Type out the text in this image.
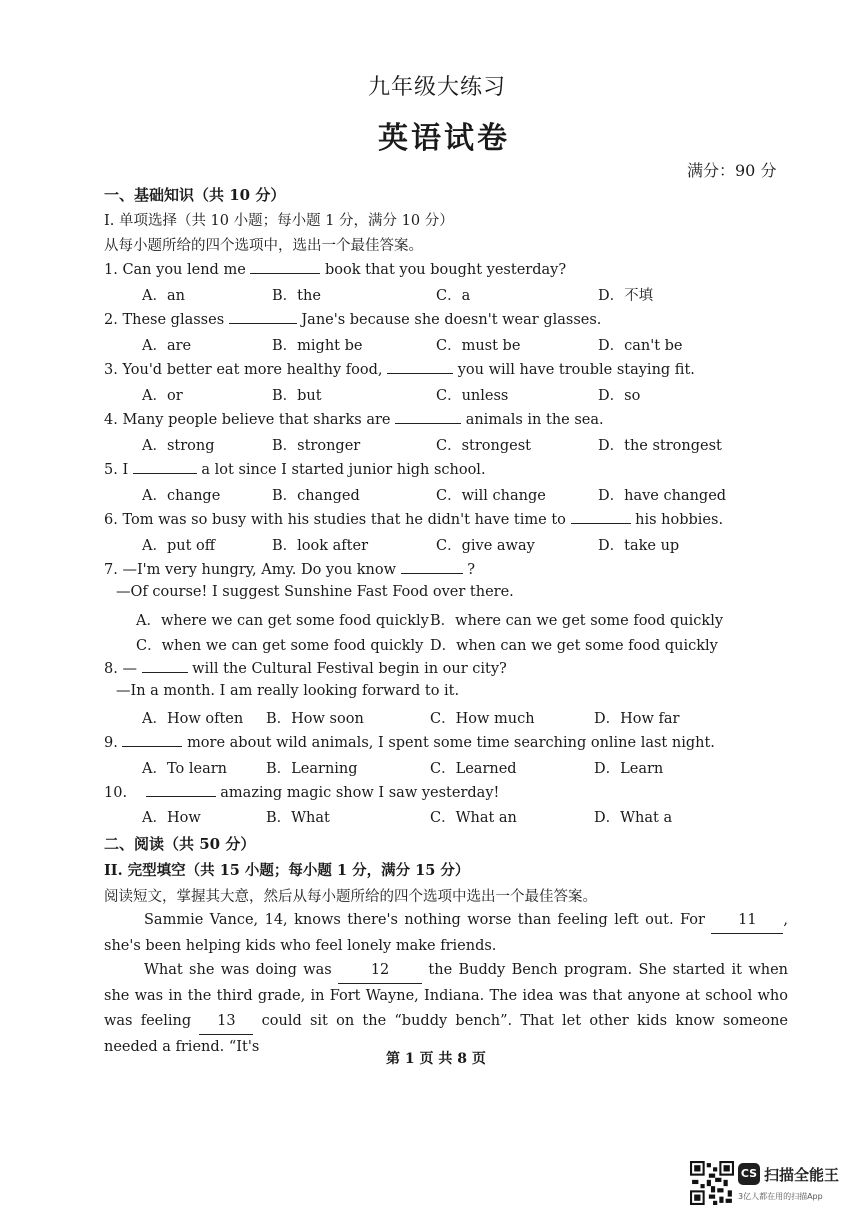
九年级大练习
英语试卷
满分：90 分
一、基础知识（共 10 分）
I. 单项选择（共 10 小题；每小题 1 分，满分 10 分）
从每小题所给的四个选项中，选出一个最佳答案。
1. Can you lend me	book that you bought yesterday?
A．an	B．the	C．a	D．不填
2. These glasses	Jane's because she doesn't wear glasses.
A．are	B．might be	C．must be	D．can't be
3. You'd better eat more healthy food,	you will have trouble staying fit.
A．or	B．but	C．unless	D．so
4. Many people believe that sharks are	animals in the sea.
A．strong	B．stronger	C．strongest	D．the strongest
5. I	a lot since I started junior high school.
A．change	B．changed	C．will change	D．have changed
6. Tom was so busy with his studies that he didn't have time to	his hobbies.
A．put off	B．look after	C．give away	D．take up
7. —I'm very hungry, Amy. Do you know	?
—Of course! I suggest Sunshine Fast Food over there.
A．where we can get some food quickly B．where can we get some food quickly
C．when we can get some food quickly D．when can we get some food quickly
8. —	will the Cultural Festival begin in our city?
—In a month. I am really looking forward to it.
A．How often B．How soon	C．How much	D．How far
9.	more about wild animals, I spent some time searching online last night.
A．To learn	B．Learning	C．Learned	D．Learn
10.	amazing magic show I saw yesterday!
A．How	B．What	C．What an	D．What a
二、阅读（共 50 分）
II. 完型填空（共 15 小题；每小题 1 分，满分 15 分）
阅读短文，掌握其大意，然后从每小题所给的四个选项中选出一个最佳答案。
Sammie Vance, 14, knows there's nothing worse than feeling left out. For 11 , she's been helping kids who feel lonely make friends.
What she was doing was	12	the Buddy Bench program. She started it when she was in the third grade, in Fort Wayne, Indiana. The idea was that anyone at school who was feeling 13 could sit on the “buddy bench”. That let other kids know someone needed a friend. “It's
第 1 页 共 8 页
CS 扫描全能王
3亿人都在用的扫描App
